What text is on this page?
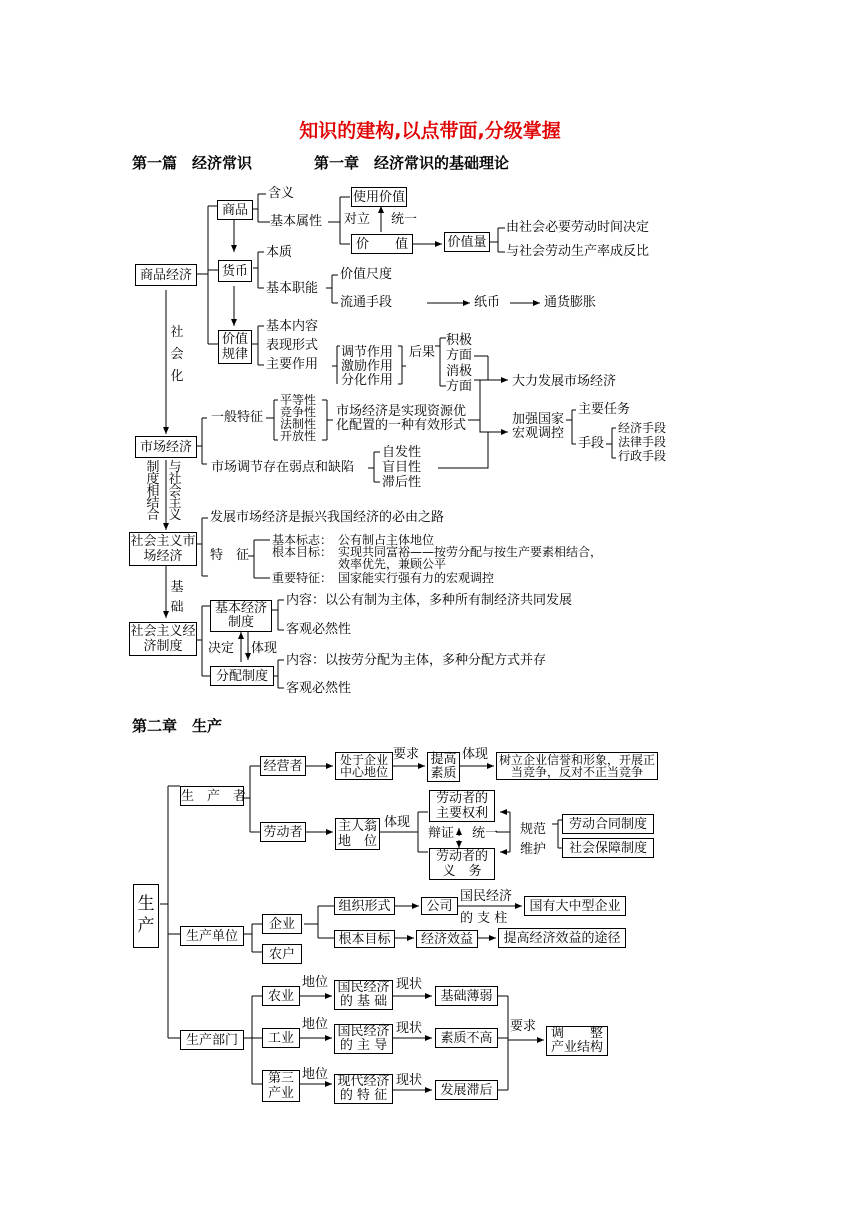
知识的建构,以点带面,分级掌握
第一篇　经济常识	第一章　经济常识的基础理论
商品经济
商品
含义
基本属性
使用价值
对立 统一
价　　值	价值量
由社会必要劳动时间决定
与社会劳动生产率成反比
货币
本质
基本职能
价值尺度
流通手段	纸币	通货膨胀
价值规律
基本内容
表现形式
主要作用
调节作用
激励作用
分化作用
后果
积极方面
消极方面	大力发展市场经济
社会化
市场经济
一般特征
平等性
竞争性
法制性
开放性
市场经济是实现资源优化配置的一种有效形式
市场调节存在弱点和缺陷
自发性
盲目性
滞后性
加强国家宏观调控
主要任务
手段
经济手段
法律手段
行政手段
制度相结合
与社会主义
社会主义市场经济
发展市场经济是振兴我国经济的必由之路
特　征
基本标志： 公有制占主体地位
根本目标： 实现共同富裕——按劳分配与按生产要素相结合，
效率优先，兼顾公平
重要特征： 国家能实行强有力的宏观调控
基础
社会主义经济制度
基本经济制度
内容：以公有制为主体，多种所有制经济共同发展
客观必然性
决定 体现
分配制度
内容：以按劳分配为主体，多种分配方式并存
客观必然性
第二章　生产
生产
生　产　者
经营者	处于企业中心地位
要求 提高素质
体现 树立企业信誉和形象，开展正当竞争，反对不正当竞争
劳动者	主人翁地　位
体现
劳动者的主要权利
辩证 统一
劳动者的义　务
规范维护
劳动合同制度
社会保障制度
生产单位
企业
农户
组织形式	公司
国民经济的 支 柱
国有大中型企业
根本目标	经济效益	提高经济效益的途径
生产部门
农业
工业
第三产业
地位
地位
地位
国民经济的 基 础
国民经济的 主 导
现代经济的 特 征
现状
现状
现状
基础薄弱
素质不高
发展滞后
要求	调　　整产业结构
